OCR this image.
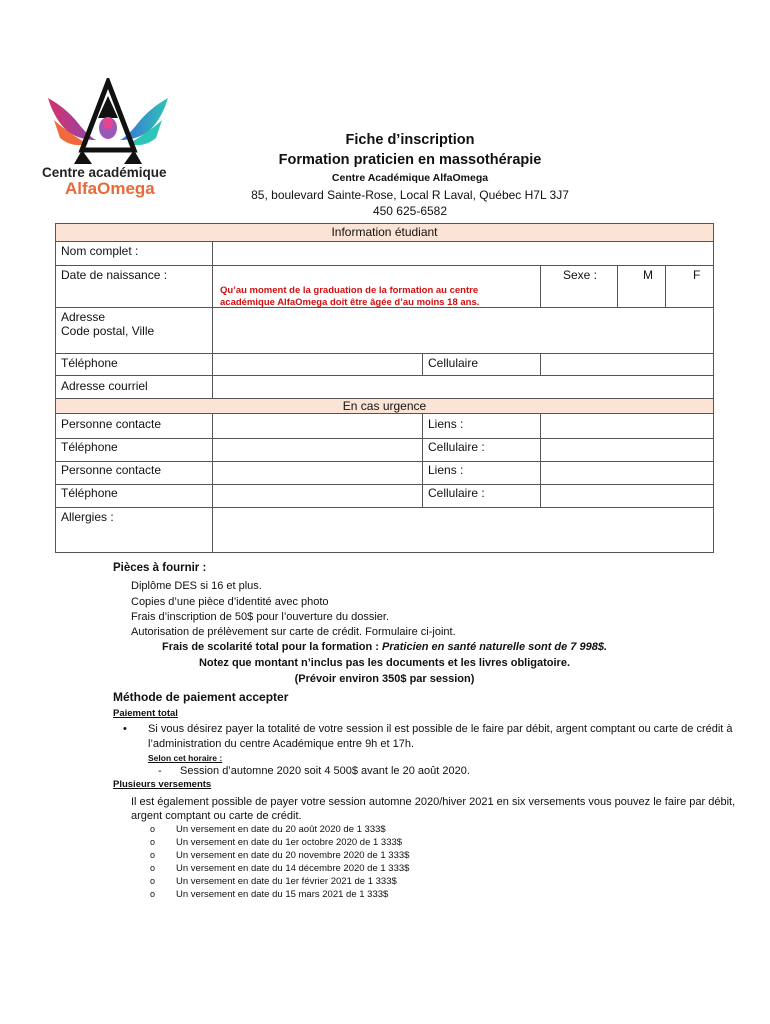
Centre académique
AlfaOmega
Fiche d’inscription
Formation praticien en massothérapie
Centre Académique AlfaOmega
85, boulevard Sainte-Rose, Local R Laval, Québec H7L 3J7
450 625-6582
Information étudiant
En cas urgence
Nom complet :
Date de naissance :
Qu’au moment de la graduation de la formation au centre
académique AlfaOmega doit être âgée d’au moins 18 ans.
Sexe :	M	F
Adresse
Code postal, Ville
Téléphone	Cellulaire
Adresse courriel
Personne contacte	Liens :
Téléphone	Cellulaire :
Personne contacte	Liens :
Téléphone	Cellulaire :
Allergies :
Pièces à fournir :
Diplôme DES si 16 et plus.
Copies d’une pièce d’identité avec photo
Frais d’inscription de 50$ pour l’ouverture du dossier.
Autorisation de prélèvement sur carte de crédit. Formulaire ci-joint.
Frais de scolarité total pour la formation : Praticien en santé naturelle sont de 7 998$.
Notez que montant n’inclus pas les documents et les livres obligatoire.
(Prévoir environ 350$ par session)
Méthode de paiement accepter
Paiement total
• Si vous désirez payer la totalité de votre session il est possible de le faire par débit, argent comptant ou carte de crédit à
l’administration du centre Académique entre 9h et 17h.
Selon cet horaire :
- Session d’automne 2020 soit 4 500$ avant le 20 août 2020.
Plusieurs versements
Il est également possible de payer votre session automne 2020/hiver 2021 en six versements vous pouvez le faire par débit,
argent comptant ou carte de crédit.
o Un versement en date du 20 août 2020 de 1 333$
o Un versement en date du 1er octobre 2020 de 1 333$
o Un versement en date du 20 novembre 2020 de 1 333$
o Un versement en date du 14 décembre 2020 de 1 333$
o Un versement en date du 1er février 2021 de 1 333$
o Un versement en date du 15 mars 2021 de 1 333$
